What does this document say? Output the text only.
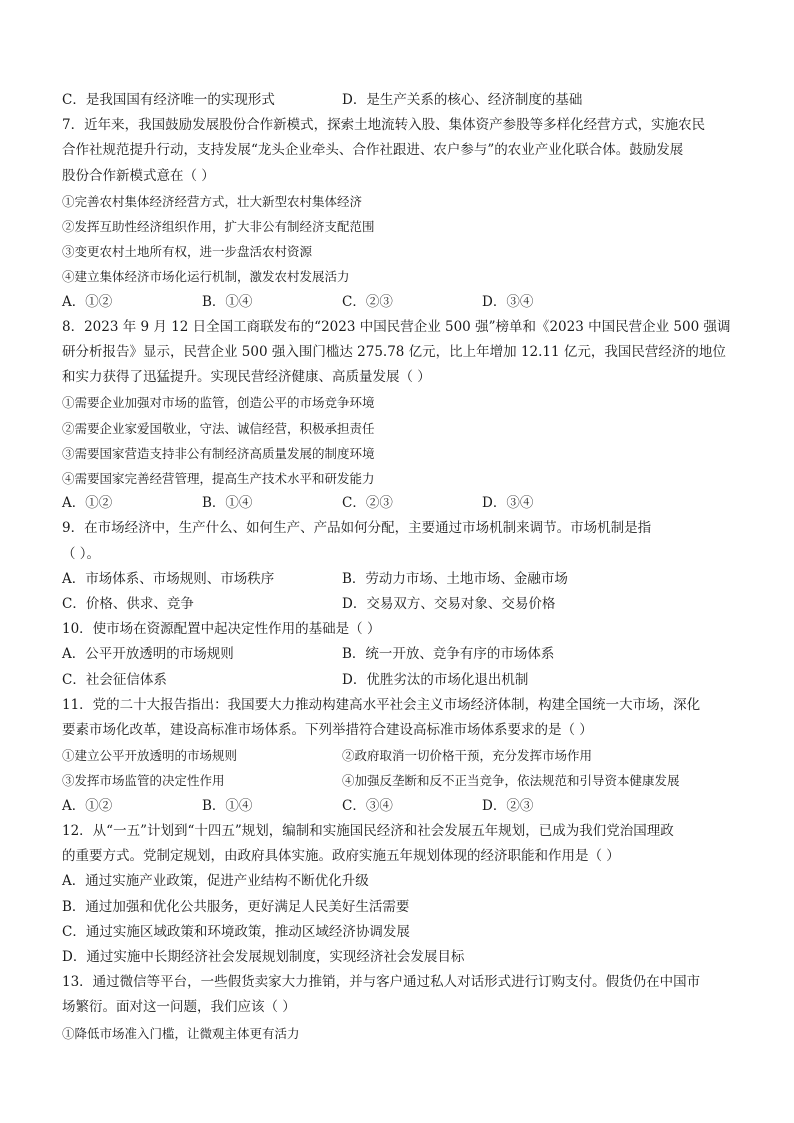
C．是我国国有经济唯一的实现形式	D．是生产关系的核心、经济制度的基础
7．近年来，我国鼓励发展股份合作新模式，探索土地流转入股、集体资产参股等多样化经营方式，实施农民
合作社规范提升行动，支持发展“龙头企业牵头、合作社跟进、农户参与”的农业产业化联合体。鼓励发展
股份合作新模式意在（ ）
①完善农村集体经济经营方式，壮大新型农村集体经济
②发挥互助性经济组织作用，扩大非公有制经济支配范围
③变更农村土地所有权，进一步盘活农村资源
④建立集体经济市场化运行机制，激发农村发展活力
A．①②	B．①④	C．②③	D．③④
8．2023 年 9 月 12 日全国工商联发布的“2023 中国民营企业 500 强”榜单和《2023 中国民营企业 500 强调
研分析报告》显示，民营企业 500 强入围门槛达 275.78 亿元，比上年增加 12.11 亿元，我国民营经济的地位
和实力获得了迅猛提升。实现民营经济健康、高质量发展（ ）
①需要企业加强对市场的监管，创造公平的市场竞争环境
②需要企业家爱国敬业，守法、诚信经营，积极承担责任
③需要国家营造支持非公有制经济高质量发展的制度环境
④需要国家完善经营管理，提高生产技术水平和研发能力
A．①②	B．①④	C．②③	D．③④
9．在市场经济中，生产什么、如何生产、产品如何分配，主要通过市场机制来调节。市场机制是指
（ ）。
A．市场体系、市场规则、市场秩序	B．劳动力市场、土地市场、金融市场
C．价格、供求、竞争	D．交易双方、交易对象、交易价格
10．使市场在资源配置中起决定性作用的基础是（ ）
A．公平开放透明的市场规则	B．统一开放、竞争有序的市场体系
C．社会征信体系	D．优胜劣汰的市场化退出机制
11．党的二十大报告指出：我国要大力推动构建高水平社会主义市场经济体制，构建全国统一大市场，深化
要素市场化改革，建设高标准市场体系。下列举措符合建设高标准市场体系要求的是（ ）
①建立公平开放透明的市场规则	②政府取消一切价格干预，充分发挥市场作用
③发挥市场监管的决定性作用	④加强反垄断和反不正当竞争，依法规范和引导资本健康发展
A．①②	B．①④	C．③④	D．②③
12．从“一五”计划到“十四五”规划，编制和实施国民经济和社会发展五年规划，已成为我们党治国理政
的重要方式。党制定规划，由政府具体实施。政府实施五年规划体现的经济职能和作用是（ ）
A．通过实施产业政策，促进产业结构不断优化升级
B．通过加强和优化公共服务，更好满足人民美好生活需要
C．通过实施区域政策和环境政策，推动区域经济协调发展
D．通过实施中长期经济社会发展规划制度，实现经济社会发展目标
13．通过微信等平台，一些假货卖家大力推销，并与客户通过私人对话形式进行订购支付。假货仍在中国市
场繁衍。面对这一问题，我们应该（ ）
①降低市场准入门槛，让微观主体更有活力
